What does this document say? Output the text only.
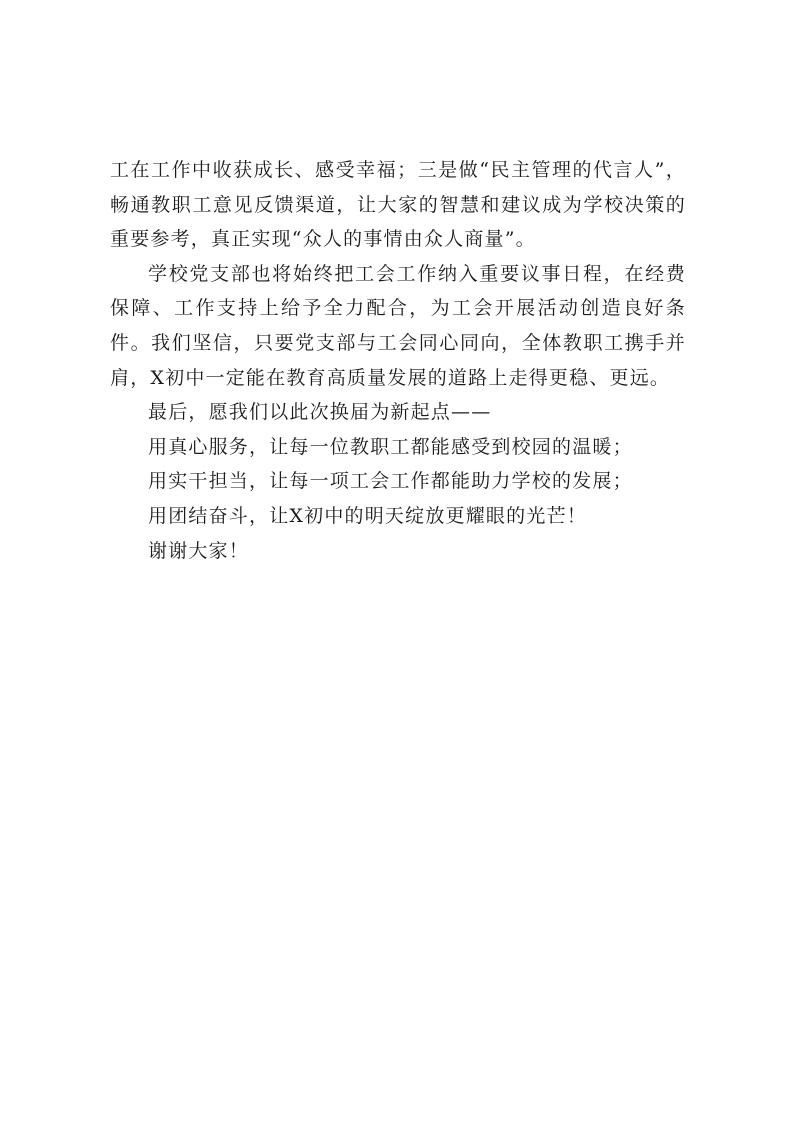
工在工作中收获成长、感受幸福；三是做“民主管理的代言人”，畅通教职工意见反馈渠道，让大家的智慧和建议成为学校决策的重要参考，真正实现“众人的事情由众人商量”。

学校党支部也将始终把工会工作纳入重要议事日程，在经费保障、工作支持上给予全力配合，为工会开展活动创造良好条件。我们坚信，只要党支部与工会同心同向，全体教职工携手并肩，X初中一定能在教育高质量发展的道路上走得更稳、更远。

最后，愿我们以此次换届为新起点——

用真心服务，让每一位教职工都能感受到校园的温暖；

用实干担当，让每一项工会工作都能助力学校的发展；

用团结奋斗，让X初中的明天绽放更耀眼的光芒！

谢谢大家！
